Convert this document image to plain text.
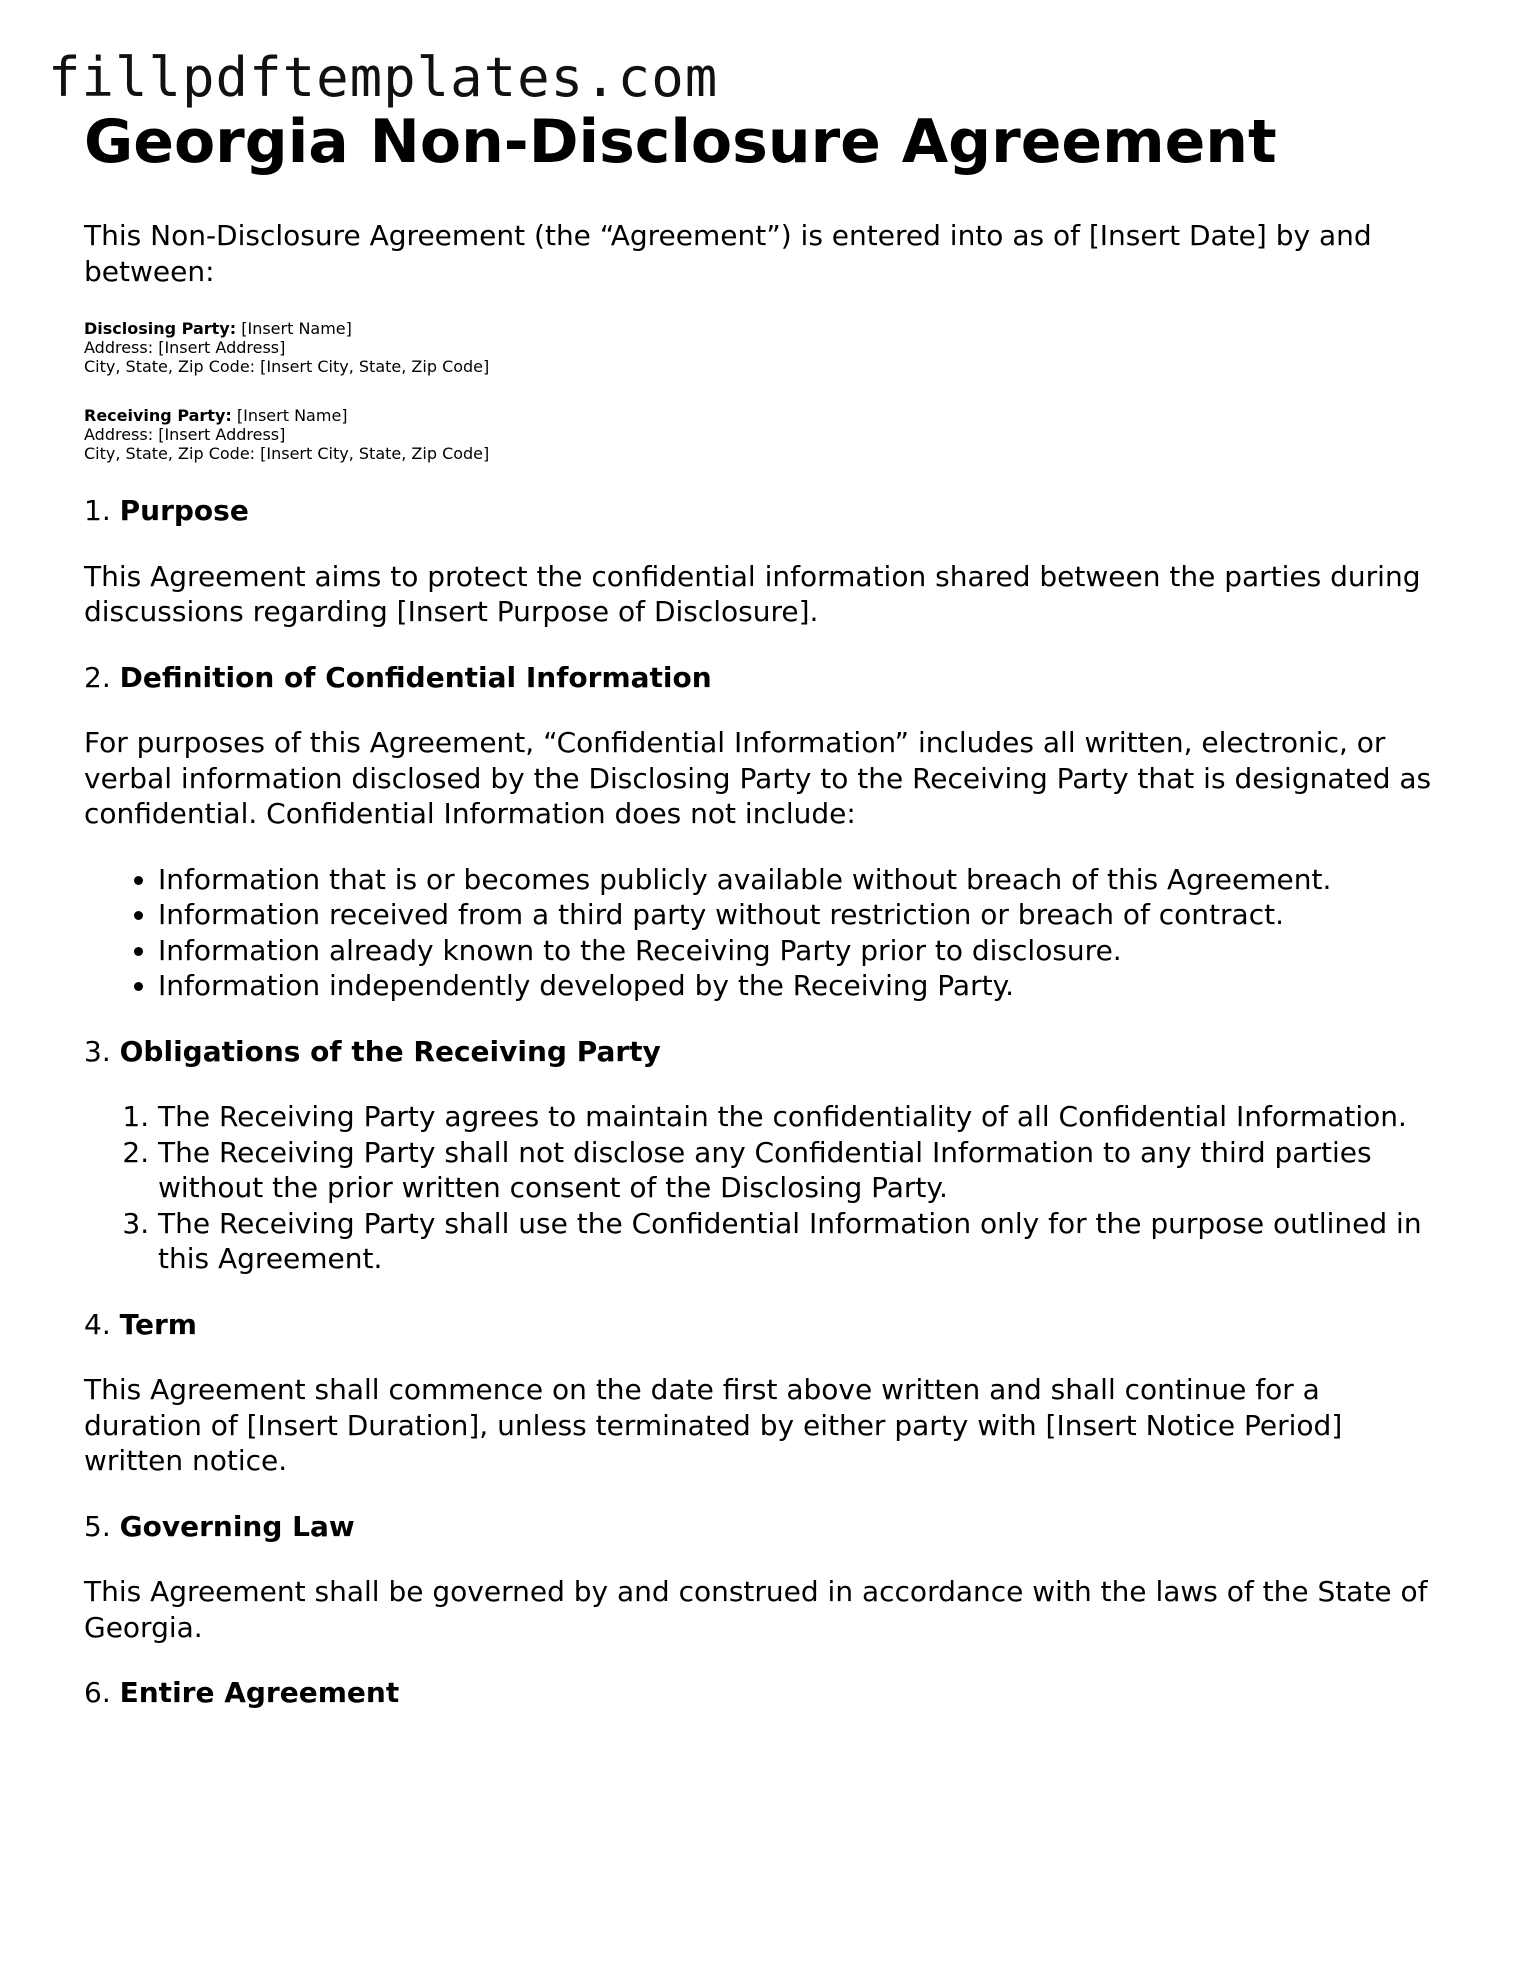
fillpdftemplates.com
Georgia Non-Disclosure Agreement

This Non-Disclosure Agreement (the “Agreement”) is entered into as of [Insert Date] by and between:

Disclosing Party: [Insert Name]
Address: [Insert Address]
City, State, Zip Code: [Insert City, State, Zip Code]
Receiving Party: [Insert Name]
Address: [Insert Address]
City, State, Zip Code: [Insert City, State, Zip Code]
1. Purpose

This Agreement aims to protect the confidential information shared between the parties during discussions regarding [Insert Purpose of Disclosure].

2. Definition of Confidential Information

For purposes of this Agreement, “Confidential Information” includes all written, electronic, or verbal information disclosed by the Disclosing Party to the Receiving Party that is designated as confidential. Confidential Information does not include:

• Information that is or becomes publicly available without breach of this Agreement.
• Information received from a third party without restriction or breach of contract.
• Information already known to the Receiving Party prior to disclosure.
• Information independently developed by the Receiving Party.
3. Obligations of the Receiving Party
1. The Receiving Party agrees to maintain the confidentiality of all Confidential Information.
2. The Receiving Party shall not disclose any Confidential Information to any third parties without the prior written consent of the Disclosing Party.
3. The Receiving Party shall use the Confidential Information only for the purpose outlined in this Agreement.
4. Term

This Agreement shall commence on the date first above written and shall continue for a duration of [Insert Duration], unless terminated by either party with [Insert Notice Period] written notice.

5. Governing Law

This Agreement shall be governed by and construed in accordance with the laws of the State of Georgia.

6. Entire Agreement
